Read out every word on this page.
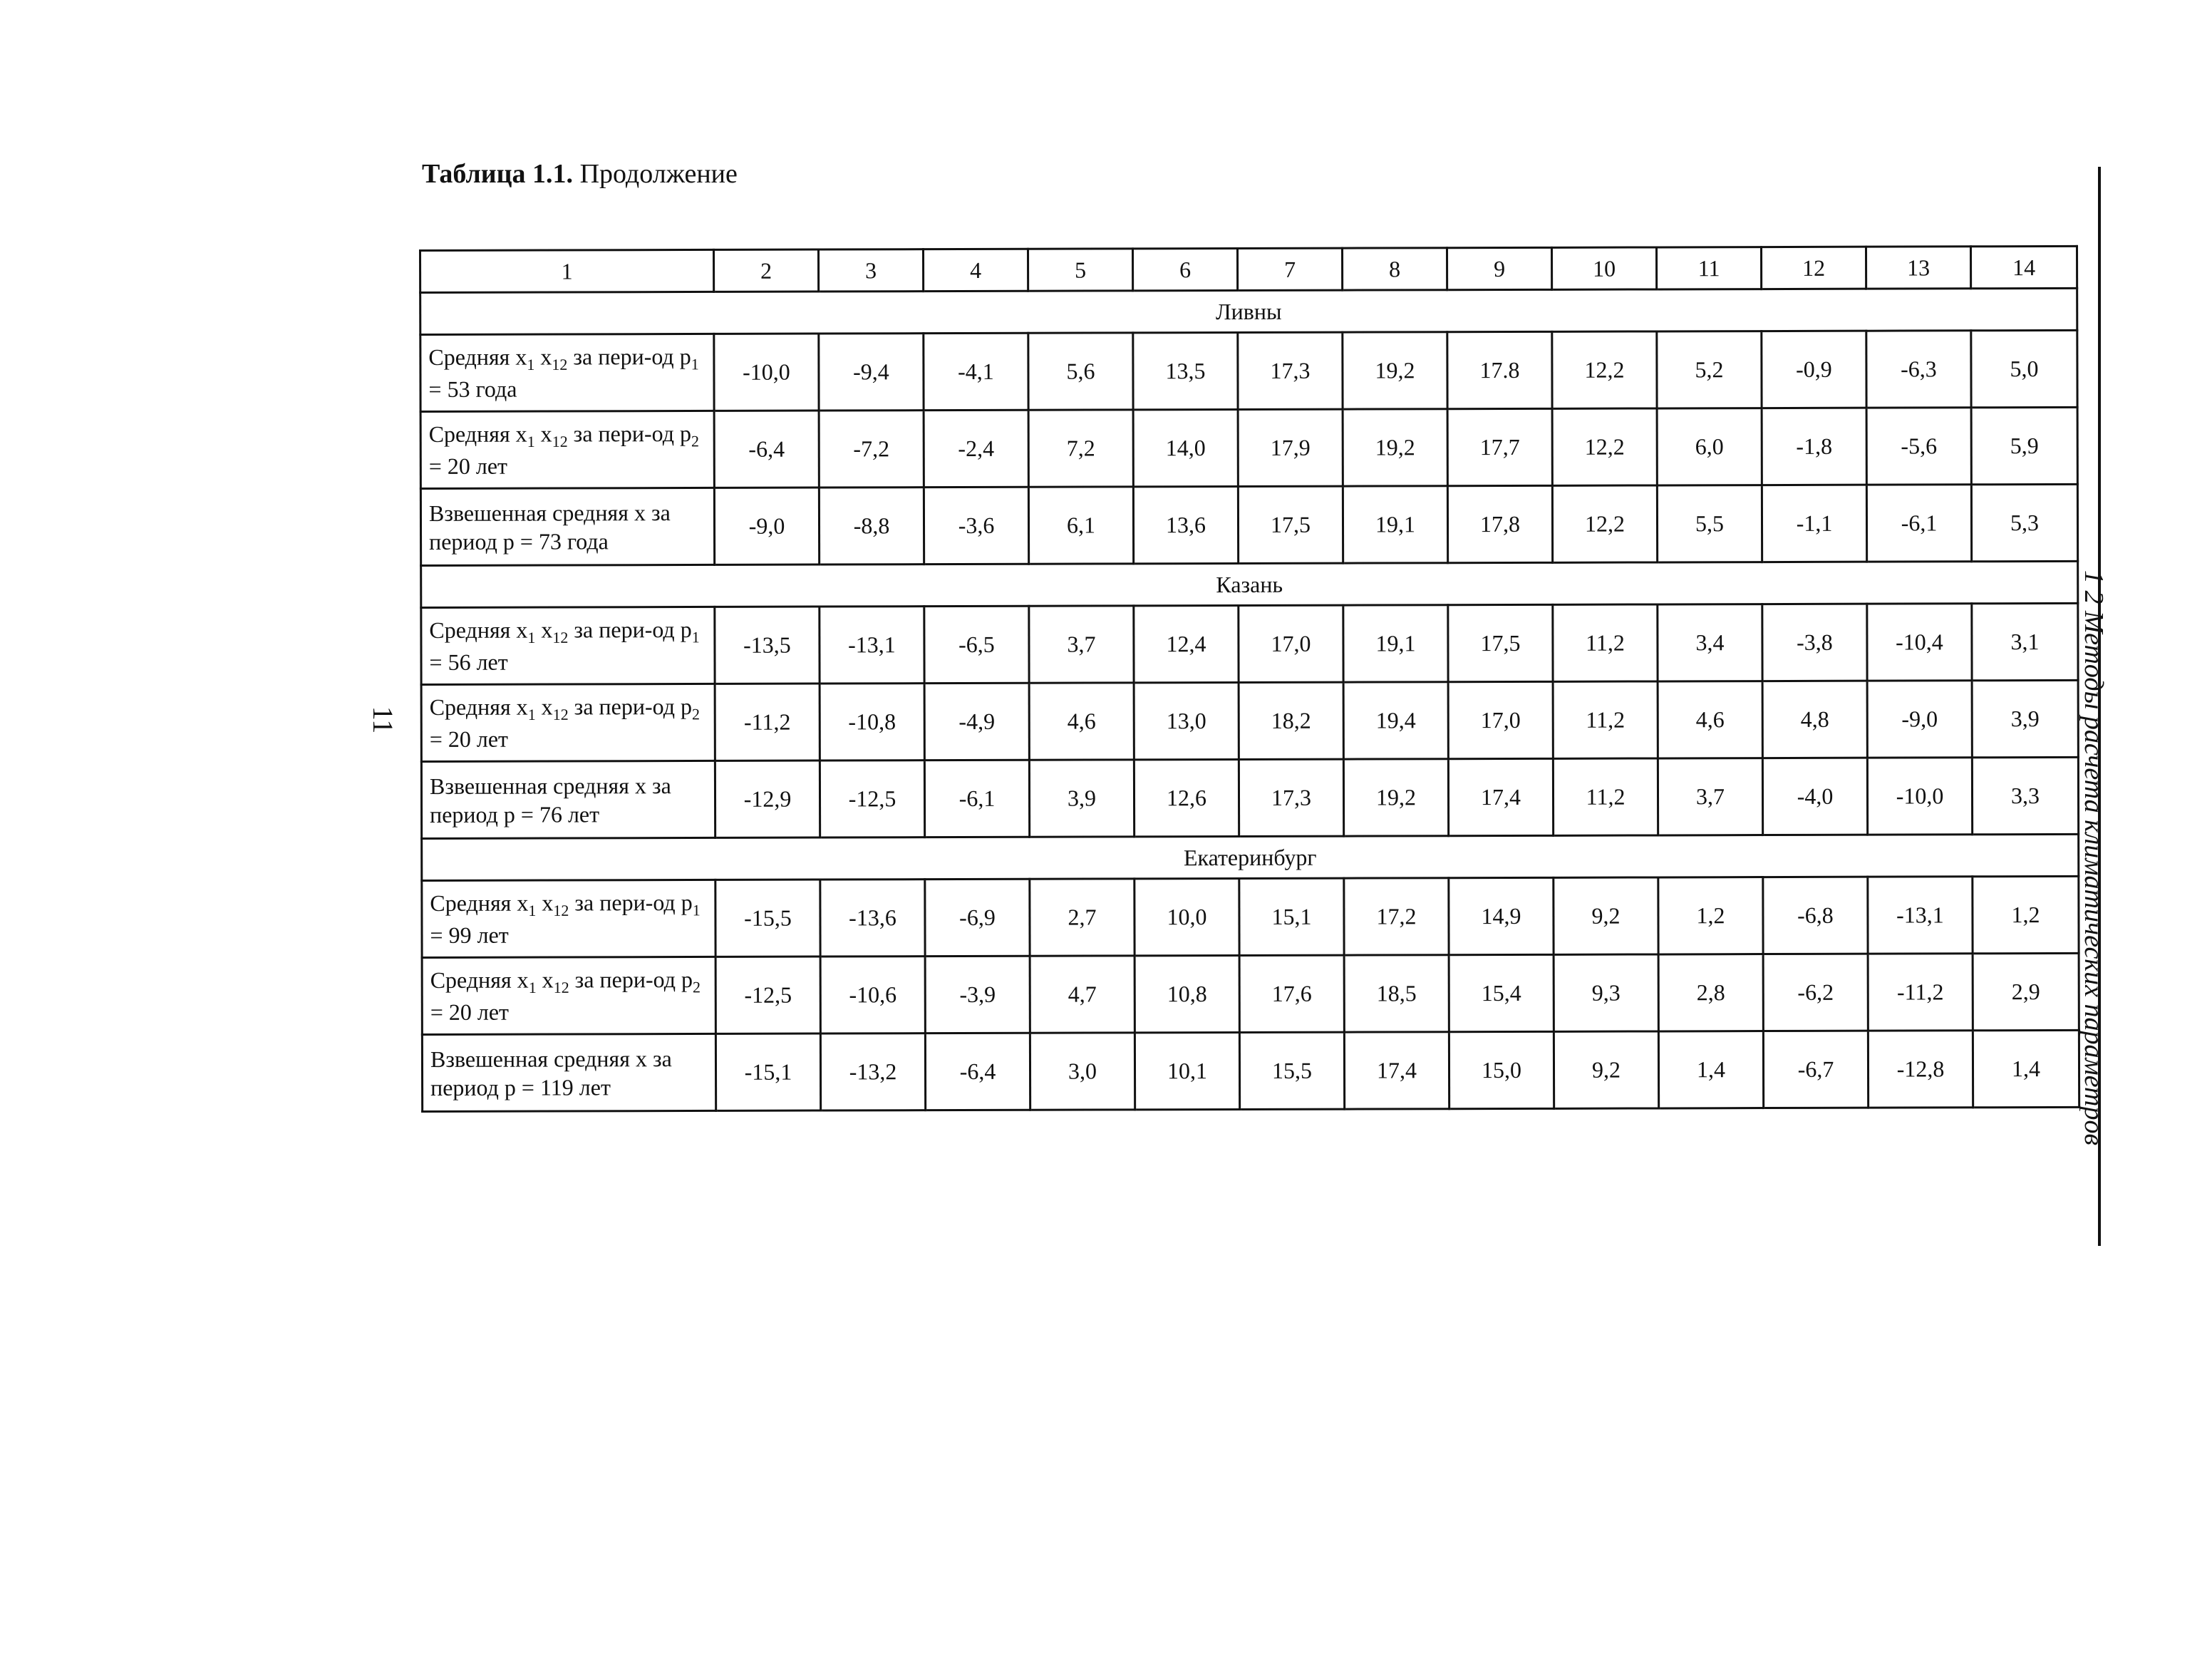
Таблица 1.1. Продолжение
1	2	3	4	5	6	7	8	9	10	11	12	13	14
Ливны													
Средняя $x_1$ $x_{12}$ за пери-од $p_1 = 53$ года	-10,0	-9,4	-4,1	5,6	13,5	17,3	19,2	17.8	12,2	5,2	-0,9	-6,3	5,0
Средняя $x_1$ $x_{12}$ за пери-од $p_2 = 20$ лет	-6,4	-7,2	-2,4	7,2	14,0	17,9	19,2	17,7	12,2	6,0	-1,8	-5,6	5,9
Взвешенная средняя x за период p = 73 года	-9,0	-8,8	-3,6	6,1	13,6	17,5	19,1	17,8	12,2	5,5	-1,1	-6,1	5,3
Казань													
Средняя $x_1$ $x_{12}$ за пери-од $p_1 = 56$ лет	-13,5	-13,1	-6,5	3,7	12,4	17,0	19,1	17,5	11,2	3,4	-3,8	-10,4	3,1
Средняя $x_1$ $x_{12}$ за пери-од $p_2 = 20$ лет	-11,2	-10,8	-4,9	4,6	13,0	18,2	19,4	17,0	11,2	4,6	4,8	-9,0	3,9
Взвешенная средняя x за период p = 76 лет	-12,9	-12,5	-6,1	3,9	12,6	17,3	19,2	17,4	11,2	3,7	-4,0	-10,0	3,3
Екатеринбург													
Средняя $x_1$ $x_{12}$ за пери-од $p_1 = 99$ лет	-15,5	-13,6	-6,9	2,7	10,0	15,1	17,2	14,9	9,2	1,2	-6,8	-13,1	1,2
Средняя $x_1$ $x_{12}$ за пери-од $p_2 = 20$ лет	-12,5	-10,6	-3,9	4,7	10,8	17,6	18,5	15,4	9,3	2,8	-6,2	-11,2	2,9
Взвешенная средняя x за период p = 119 лет	-15,1	-13,2	-6,4	3,0	10,1	15,5	17,4	15,0	9,2	1,4	-6,7	-12,8	1,4
11	1 2 Методы расчета климатических параметров
